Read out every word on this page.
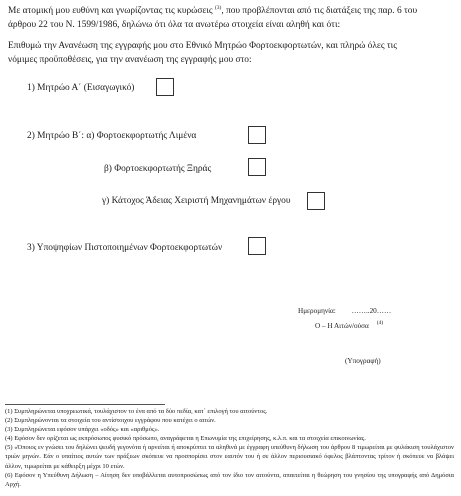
Με ατομική μου ευθύνη και γνωρίζοντας τις κυρώσεις $^{(3)}$, που προβλέπονται από τις διατάξεις της παρ. 6 του
άρθρου 22 του Ν. 1599/1986, δηλώνω ότι όλα τα ανωτέρω στοιχεία είναι αληθή και ότι:
Επιθυμώ την Ανανέωση της εγγραφής μου στο Εθνικό Μητρώο Φορτοεκφορτωτών, και πληρώ όλες τις
νόμιμες προϋποθέσεις, για την ανανέωση της εγγραφής μου στο:
1) Μητρώο Α΄ (Εισαγωγικό)
2) Μητρώο Β΄: α) Φορτοεκφορτωτής Λιμένα
β) Φορτοεκφορτωτής Ξηράς
γ) Κάτοχος Άδειας Χειριστή Μηχανημάτων έργου
3) Υποψηφίων Πιστοποιημένων Φορτοεκφορτωτών
Ημερομηνία: ……..20……
Ο – Η Αιτών/ούσα $^{(4)}$
(Υπογραφή)
(1) Συμπληρώνεται υποχρεωτικά, τουλάχιστον το ένα από τα δύο πεδία, κατ΄ επιλογή του αιτούντος.
(2) Συμπληρώνονται τα στοιχεία του αντίστοιχου εγγράφου που κατέχει ο αιτών.
(3) Συμπληρώνεται εφόσον υπάρχει «οδός» και «αριθμός».
(4) Εφόσον δεν ορίζεται ως εκπρόσωπος φυσικό πρόσωπο, αναγράφεται η Επωνυμία της επιχείρησης, κ.λ.π. και τα στοιχεία επικοινωνίας.
(5) «Όποιος εν γνώσει του δηλώνει ψευδή γεγονότα ή αρνείται ή αποκρύπτει τα αληθινά με έγγραφη υπεύθυνη δήλωση του άρθρου 8 τιμωρείται με φυλάκιση τουλάχιστον τριών μηνών. Εάν ο υπαίτιος αυτών των πράξεων σκόπευε να προσπορίσει στον εαυτόν του ή σε άλλον περιουσιακό όφελος βλάπτοντας τρίτον ή σκόπευε να βλάψει άλλον, τιμωρείται με κάθειρξη μέχρι 10 ετών.
(6) Εφόσον η Υπεύθυνη Δήλωση – Αίτηση δεν υποβάλλεται αυτοπροσώπως από τον ίδιο τον αιτούντα, απαιτείται η θεώρηση του γνησίου της υπογραφής από Δημόσια Αρχή.
